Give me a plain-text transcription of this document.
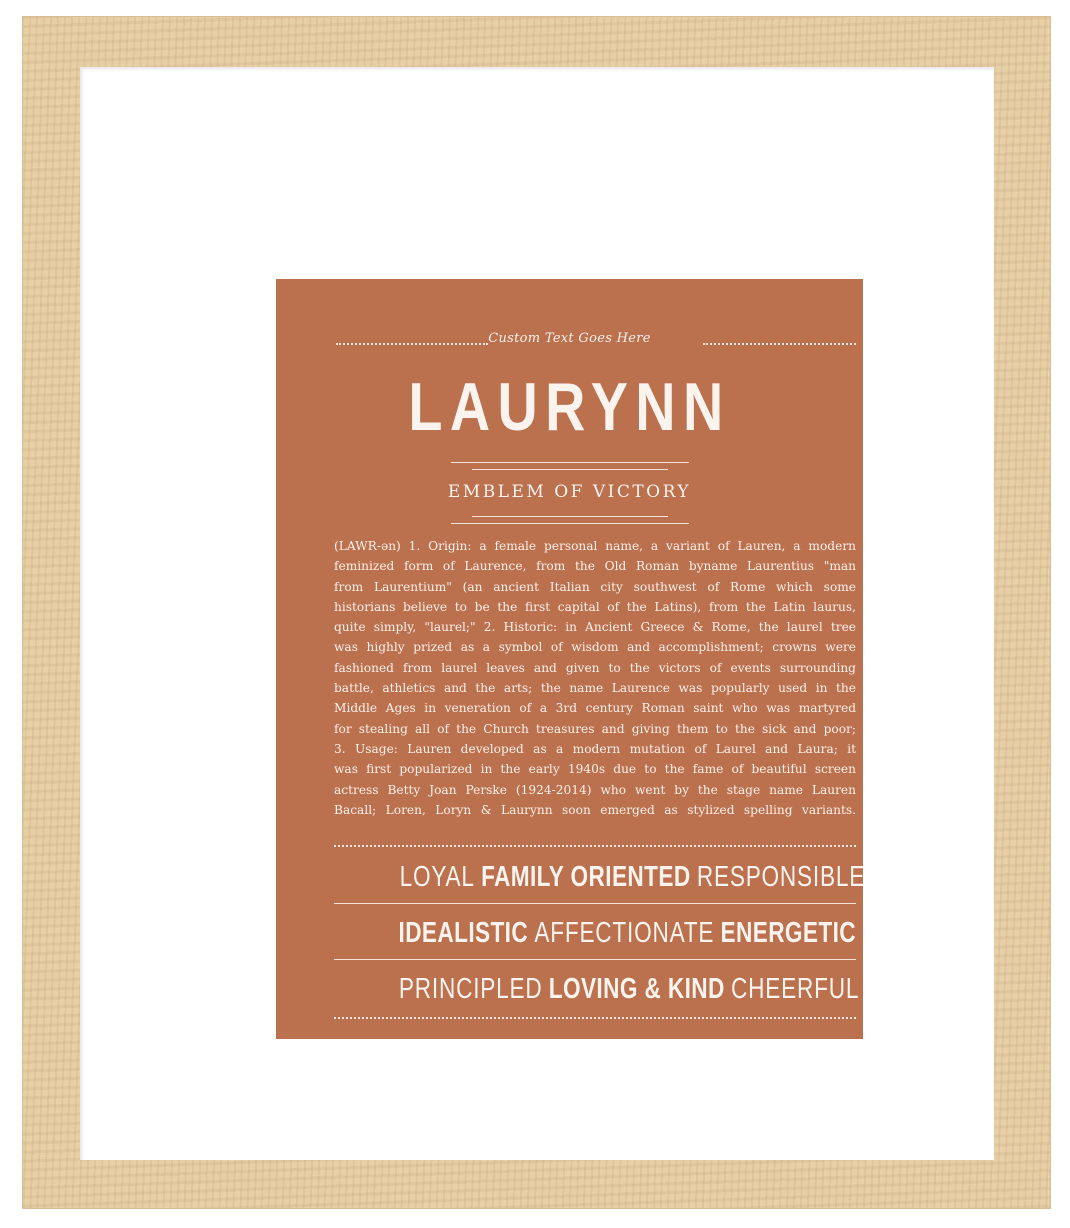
Custom Text Goes Here
LAURYNN
EMBLEM OF VICTORY
(LAWR-ən) 1. Origin: a female personal name, a variant of Lauren, a modern
feminized form of Laurence, from the Old Roman byname Laurentius "man
from Laurentium" (an ancient Italian city southwest of Rome which some
historians believe to be the first capital of the Latins), from the Latin laurus,
quite simply, "laurel;" 2. Historic: in Ancient Greece & Rome, the laurel tree
was highly prized as a symbol of wisdom and accomplishment; crowns were
fashioned from laurel leaves and given to the victors of events surrounding
battle, athletics and the arts; the name Laurence was popularly used in the
Middle Ages in veneration of a 3rd century Roman saint who was martyred
for stealing all of the Church treasures and giving them to the sick and poor;
3. Usage: Lauren developed as a modern mutation of Laurel and Laura; it
was first popularized in the early 1940s due to the fame of beautiful screen
actress Betty Joan Perske (1924-2014) who went by the stage name Lauren
Bacall; Loren, Loryn & Laurynn soon emerged as stylized spelling variants.
LOYAL FAMILY ORIENTED RESPONSIBLE
IDEALISTIC AFFECTIONATE ENERGETIC
PRINCIPLED LOVING & KIND CHEERFUL
